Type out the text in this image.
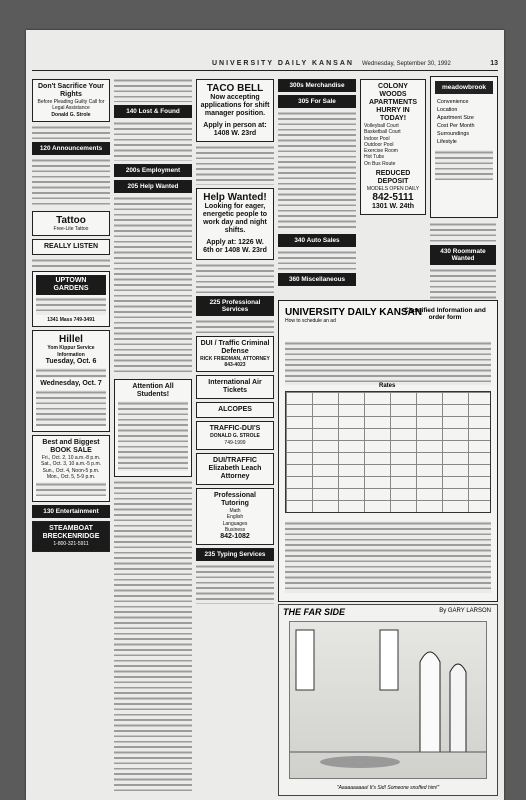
UNIVERSITY DAILY KANSAN Wednesday, September 30, 1992	13
Don't Sacrifice Your Rights
Before Pleading Guilty Call for Legal Assistance
Donald G. Strole
120 Announcements
Tattoo
Free-Lite Tattoo
REALLY LISTEN
UPTOWN GARDENS
1341 Mass 749-3491
Hillel
Yom Kippur Service Information
Tuesday, Oct. 6
Wednesday, Oct. 7
Best and Biggest BOOK SALE
Fri., Oct. 2, 10 a.m.-8 p.m.
Sat., Oct. 3, 10 a.m.-5 p.m.
Sun., Oct. 4, Noon-5 p.m.
Mon., Oct. 5, 5-9 p.m.
130 Entertainment
STEAMBOAT
BRECKENRIDGE
1-800-321-5911
140 Lost & Found
200s Employment
205 Help Wanted
Attention All Students!
TACO BELL
Now accepting applications for shift manager position.
Apply in person at: 1408 W. 23rd
Help Wanted!
Looking for eager, energetic people to work day and night shifts.
Apply at: 1226 W. 6th or 1408 W. 23rd
225 Professional Services
DUI / Traffic Criminal Defense
RICK FRIEDMAN, ATTORNEY 843-4023
International Air Tickets
ALCOPES
TRAFFIC-DUI'S
DONALD G. STROLE
749-1999
DUI/TRAFFIC
Elizabeth Leach Attorney
Professional Tutoring
Math
English
Languages
Business
842-1082
235 Typing Services
300s Merchandise
305 For Sale
340 Auto Sales
360 Miscellaneous
COLONY WOODS APARTMENTS
HURRY IN TODAY!
Volleyball Court
Basketball Court
Indoor Pool
Outdoor Pool
Exercise Room
Hot Tubs
On Bus Route
REDUCED DEPOSIT
MODELS OPEN DAILY
842-5111
1301 W. 24th
meadowbrook
Convenience
Location
Apartment Size
Cost Per Month
Surroundings
Lifestyle
430 Roommate Wanted
UNIVERSITY DAILY KANSAN
How to schedule an ad
Classified Information and order form
Rates
THE FAR SIDE	By GARY LARSON
"Aaaaaaaaaa! It's Sid! Someone snuffed him!"
